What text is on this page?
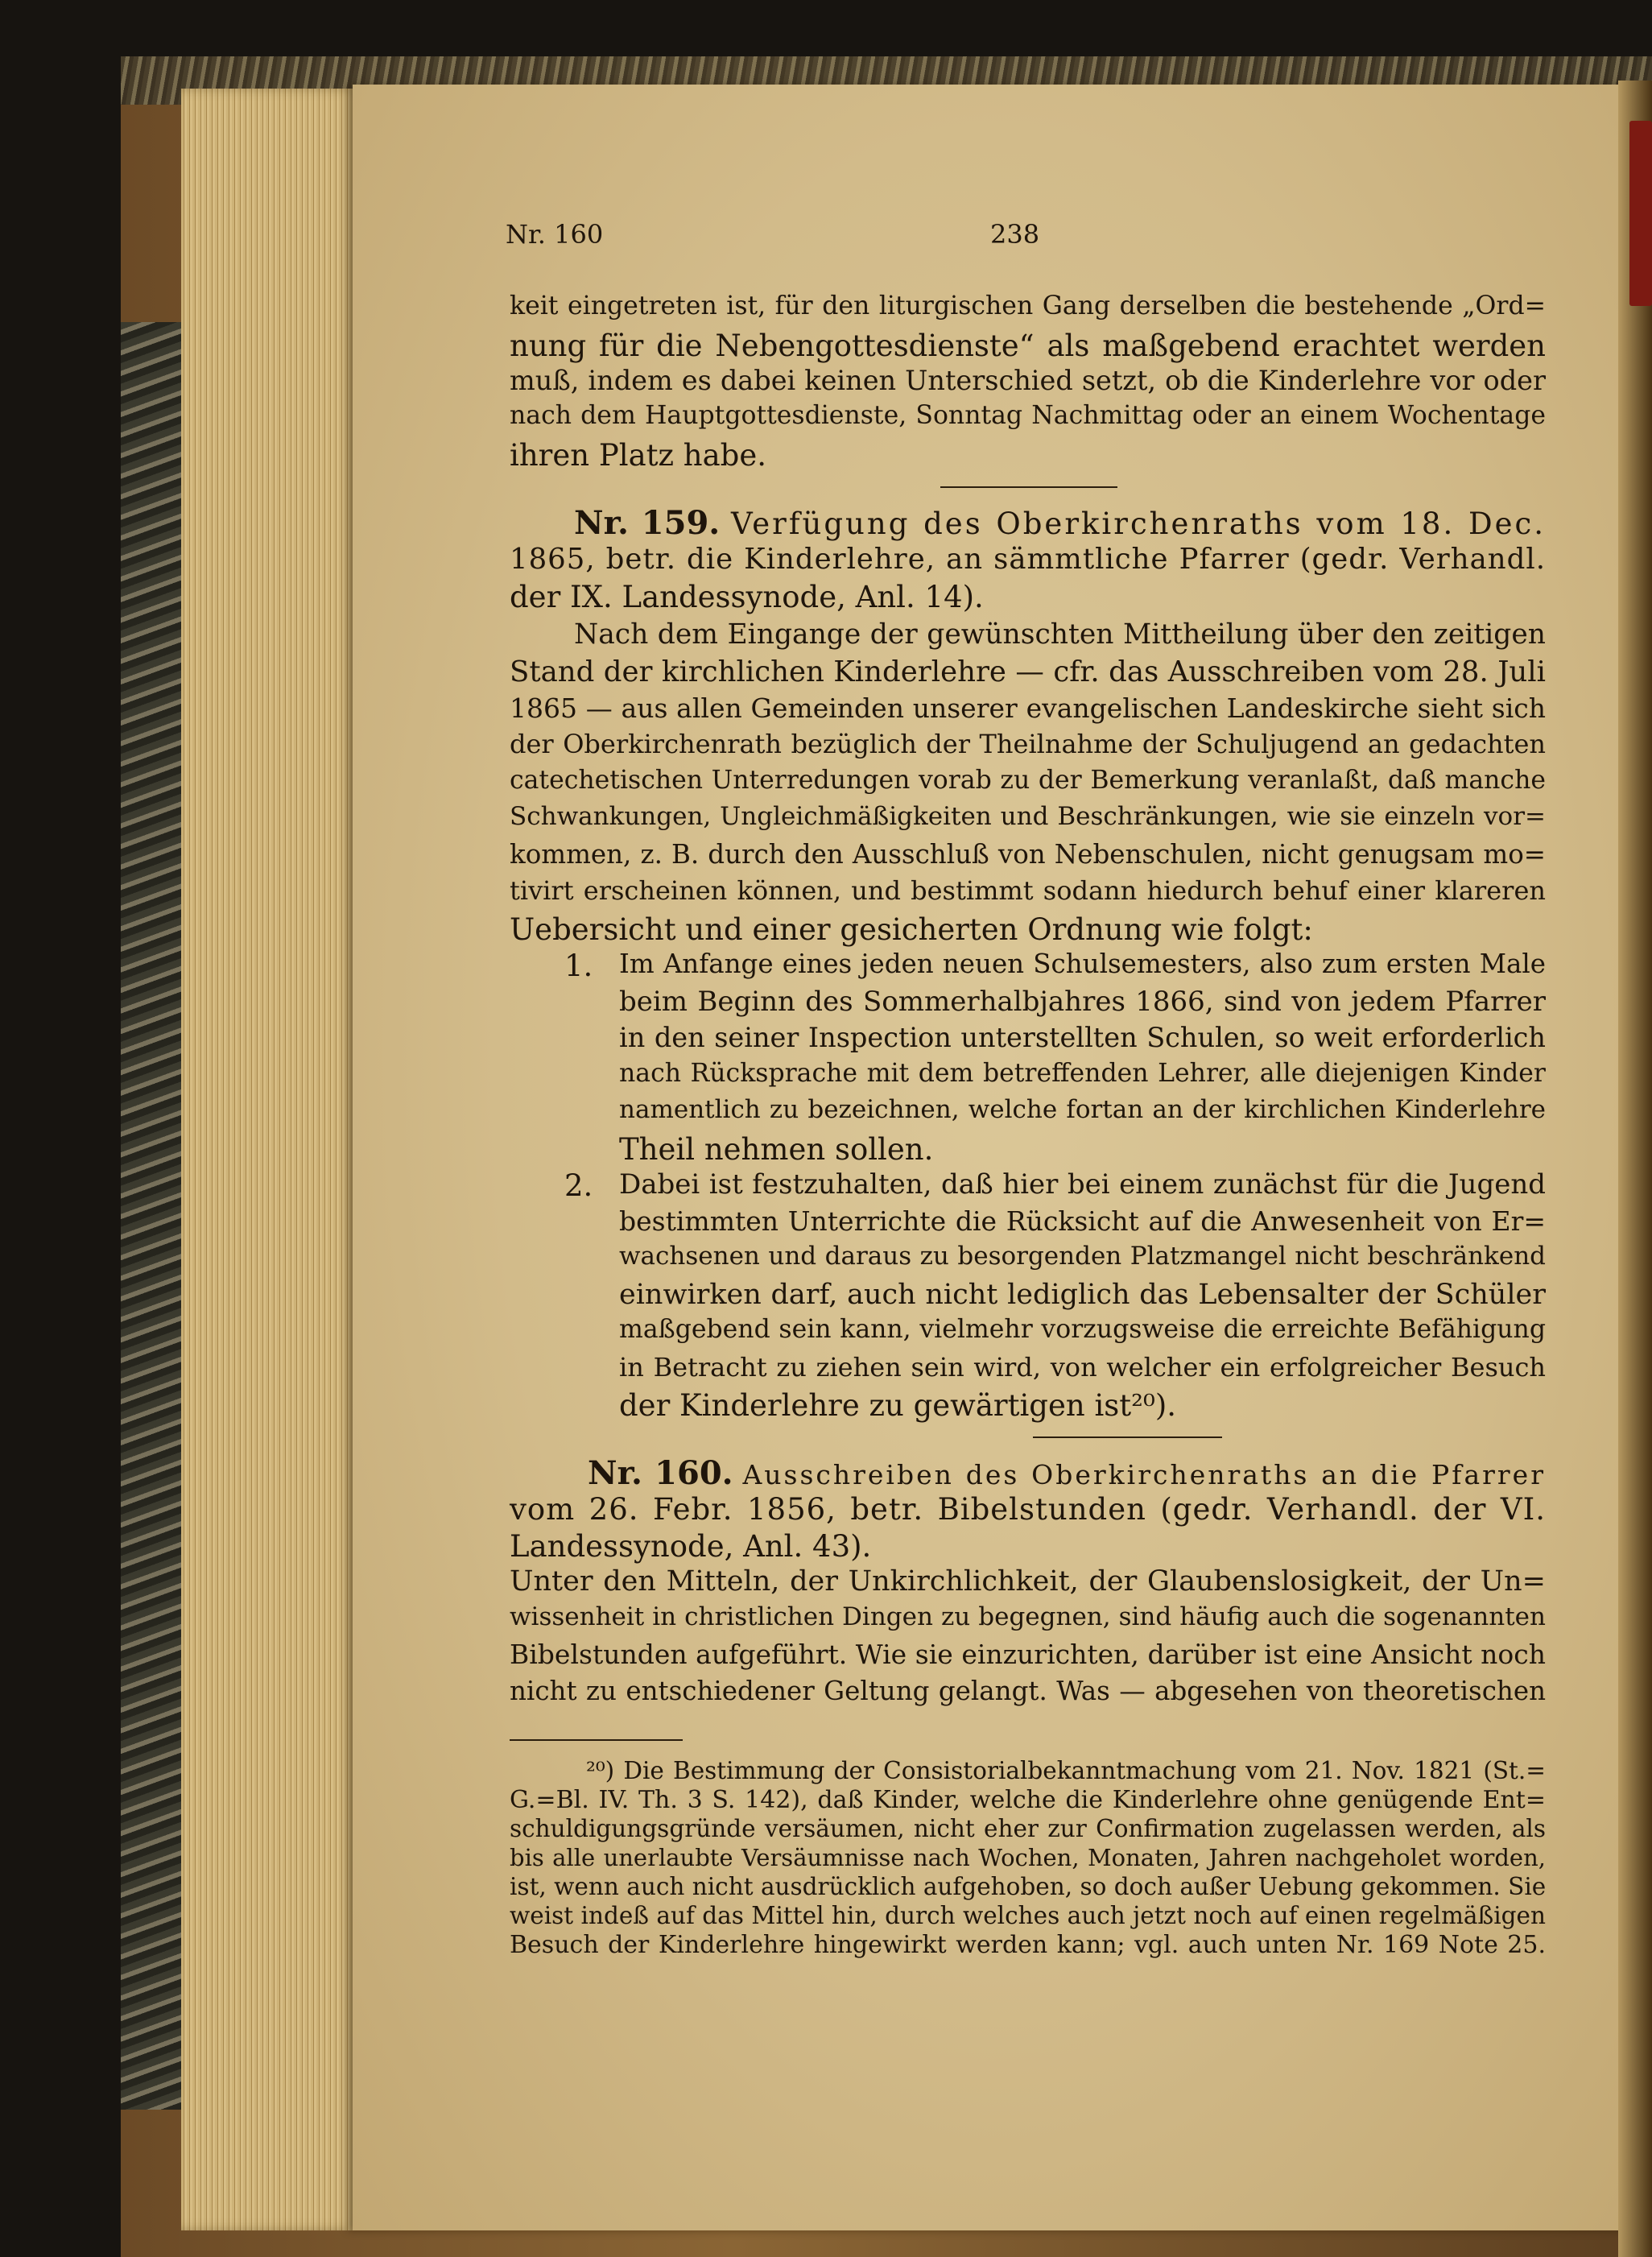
Nr. 160	238
keit eingetreten ist, für den liturgischen Gang derselben die bestehende „Ord=
nung für die Nebengottesdienste“ als maßgebend erachtet werden
muß, indem es dabei keinen Unterschied setzt, ob die Kinderlehre vor oder
nach dem Hauptgottesdienste, Sonntag Nachmittag oder an einem Wochentage
ihren Platz habe.
Nr. 159. Verfügung des Oberkirchenraths vom 18. Dec.
1865, betr. die Kinderlehre, an sämmtliche Pfarrer (gedr. Verhandl.
der IX. Landessynode, Anl. 14).
Nach dem Eingange der gewünschten Mittheilung über den zeitigen
Stand der kirchlichen Kinderlehre — cfr. das Ausschreiben vom 28. Juli
1865 — aus allen Gemeinden unserer evangelischen Landeskirche sieht sich
der Oberkirchenrath bezüglich der Theilnahme der Schuljugend an gedachten
catechetischen Unterredungen vorab zu der Bemerkung veranlaßt, daß manche
Schwankungen, Ungleichmäßigkeiten und Beschränkungen, wie sie einzeln vor=
kommen, z. B. durch den Ausschluß von Nebenschulen, nicht genugsam mo=
tivirt erscheinen können, und bestimmt sodann hiedurch behuf einer klareren
Uebersicht und einer gesicherten Ordnung wie folgt:
1. Im Anfange eines jeden neuen Schulsemesters, also zum ersten Male
beim Beginn des Sommerhalbjahres 1866, sind von jedem Pfarrer
in den seiner Inspection unterstellten Schulen, so weit erforderlich
nach Rücksprache mit dem betreffenden Lehrer, alle diejenigen Kinder
namentlich zu bezeichnen, welche fortan an der kirchlichen Kinderlehre
Theil nehmen sollen.
2. Dabei ist festzuhalten, daß hier bei einem zunächst für die Jugend
bestimmten Unterrichte die Rücksicht auf die Anwesenheit von Er=
wachsenen und daraus zu besorgenden Platzmangel nicht beschränkend
einwirken darf, auch nicht lediglich das Lebensalter der Schüler
maßgebend sein kann, vielmehr vorzugsweise die erreichte Befähigung
in Betracht zu ziehen sein wird, von welcher ein erfolgreicher Besuch
der Kinderlehre zu gewärtigen ist²⁰).
Nr. 160. Ausschreiben des Oberkirchenraths an die Pfarrer
vom 26. Febr. 1856, betr. Bibelstunden (gedr. Verhandl. der VI.
Landessynode, Anl. 43).
Unter den Mitteln, der Unkirchlichkeit, der Glaubenslosigkeit, der Un=
wissenheit in christlichen Dingen zu begegnen, sind häufig auch die sogenannten
Bibelstunden aufgeführt. Wie sie einzurichten, darüber ist eine Ansicht noch
nicht zu entschiedener Geltung gelangt. Was — abgesehen von theoretischen
²⁰) Die Bestimmung der Consistorialbekanntmachung vom 21. Nov. 1821 (St.=
G.=Bl. IV. Th. 3 S. 142), daß Kinder, welche die Kinderlehre ohne genügende Ent=
schuldigungsgründe versäumen, nicht eher zur Confirmation zugelassen werden, als
bis alle unerlaubte Versäumnisse nach Wochen, Monaten, Jahren nachgeholet worden,
ist, wenn auch nicht ausdrücklich aufgehoben, so doch außer Uebung gekommen. Sie
weist indeß auf das Mittel hin, durch welches auch jetzt noch auf einen regelmäßigen
Besuch der Kinderlehre hingewirkt werden kann; vgl. auch unten Nr. 169 Note 25.
